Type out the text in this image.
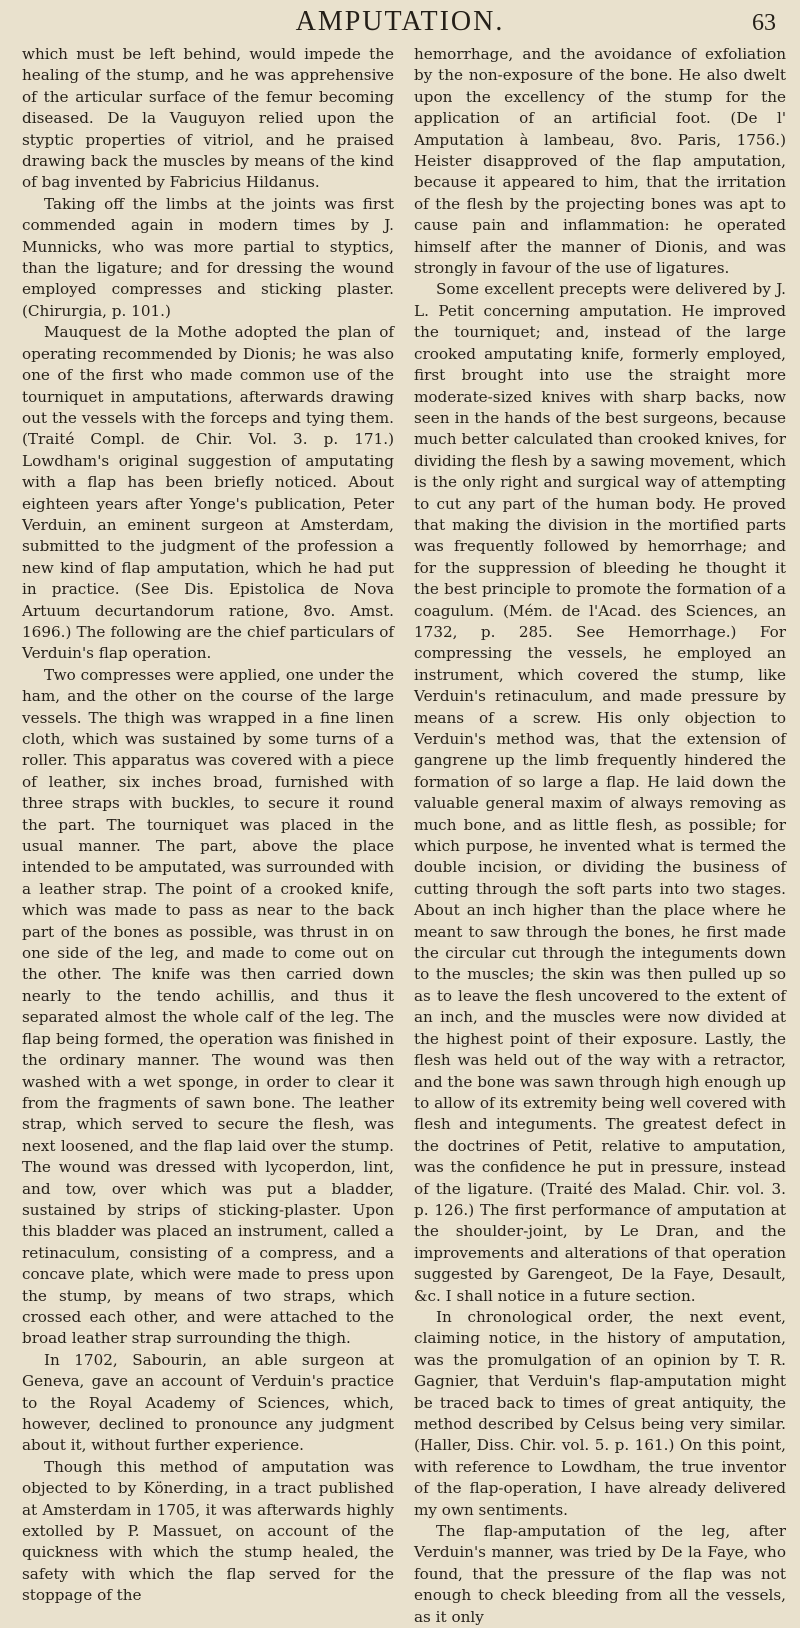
AMPUTATION.	63

which must be left behind, would impede the healing of the stump, and he was apprehensive of the articular surface of the femur becoming diseased. De la Vauguyon relied upon the styptic properties of vitriol, and he praised drawing back the muscles by means of the kind of bag invented by Fabricius Hildanus.

Taking off the limbs at the joints was first commended again in modern times by J. Munnicks, who was more partial to styptics, than the ligature; and for dressing the wound employed compresses and sticking plaster. (Chirurgia, p. 101.)

Mauquest de la Mothe adopted the plan of operating recommended by Dionis; he was also one of the first who made common use of the tourniquet in amputations, afterwards drawing out the vessels with the forceps and tying them. (Traité Compl. de Chir. Vol. 3. p. 171.) Lowdham's original suggestion of amputating with a flap has been briefly noticed. About eighteen years after Yonge's publication, Peter Verduin, an eminent surgeon at Amsterdam, submitted to the judgment of the profession a new kind of flap amputation, which he had put in practice. (See Dis. Epistolica de Nova Artuum decurtandorum ratione, 8vo. Amst. 1696.) The following are the chief particulars of Verduin's flap operation.

Two compresses were applied, one under the ham, and the other on the course of the large vessels. The thigh was wrapped in a fine linen cloth, which was sustained by some turns of a roller. This apparatus was covered with a piece of leather, six inches broad, furnished with three straps with buckles, to secure it round the part. The tourniquet was placed in the usual manner. The part, above the place intended to be amputated, was surrounded with a leather strap. The point of a crooked knife, which was made to pass as near to the back part of the bones as possible, was thrust in on one side of the leg, and made to come out on the other. The knife was then carried down nearly to the tendo achillis, and thus it separated almost the whole calf of the leg. The flap being formed, the operation was finished in the ordinary manner. The wound was then washed with a wet sponge, in order to clear it from the fragments of sawn bone. The leather strap, which served to secure the flesh, was next loosened, and the flap laid over the stump. The wound was dressed with lycoperdon, lint, and tow, over which was put a bladder, sustained by strips of sticking-plaster. Upon this bladder was placed an instrument, called a retinaculum, consisting of a compress, and a concave plate, which were made to press upon the stump, by means of two straps, which crossed each other, and were attached to the broad leather strap surrounding the thigh.

In 1702, Sabourin, an able surgeon at Geneva, gave an account of Verduin's practice to the Royal Academy of Sciences, which, however, declined to pronounce any judgment about it, without further experience.

Though this method of amputation was objected to by Könerding, in a tract published at Amsterdam in 1705, it was afterwards highly extolled by P. Massuet, on account of the quickness with which the stump healed, the safety with which the flap served for the stoppage of the

hemorrhage, and the avoidance of exfoliation by the non-exposure of the bone. He also dwelt upon the excellency of the stump for the application of an artificial foot. (De l' Amputation à lambeau, 8vo. Paris, 1756.) Heister disapproved of the flap amputation, because it appeared to him, that the irritation of the flesh by the projecting bones was apt to cause pain and inflammation: he operated himself after the manner of Dionis, and was strongly in favour of the use of ligatures.

Some excellent precepts were delivered by J. L. Petit concerning amputation. He improved the tourniquet; and, instead of the large crooked amputating knife, formerly employed, first brought into use the straight more moderate-sized knives with sharp backs, now seen in the hands of the best surgeons, because much better calculated than crooked knives, for dividing the flesh by a sawing movement, which is the only right and surgical way of attempting to cut any part of the human body. He proved that making the division in the mortified parts was frequently followed by hemorrhage; and for the suppression of bleeding he thought it the best principle to promote the formation of a coagulum. (Mém. de l'Acad. des Sciences, an 1732, p. 285. See Hemorrhage.) For compressing the vessels, he employed an instrument, which covered the stump, like Verduin's retinaculum, and made pressure by means of a screw. His only objection to Verduin's method was, that the extension of gangrene up the limb frequently hindered the formation of so large a flap. He laid down the valuable general maxim of always removing as much bone, and as little flesh, as possible; for which purpose, he invented what is termed the double incision, or dividing the business of cutting through the soft parts into two stages. About an inch higher than the place where he meant to saw through the bones, he first made the circular cut through the integuments down to the muscles; the skin was then pulled up so as to leave the flesh uncovered to the extent of an inch, and the muscles were now divided at the highest point of their exposure. Lastly, the flesh was held out of the way with a retractor, and the bone was sawn through high enough up to allow of its extremity being well covered with flesh and integuments. The greatest defect in the doctrines of Petit, relative to amputation, was the confidence he put in pressure, instead of the ligature. (Traité des Malad. Chir. vol. 3. p. 126.) The first performance of amputation at the shoulder-joint, by Le Dran, and the improvements and alterations of that operation suggested by Garengeot, De la Faye, Desault, &c. I shall notice in a future section.

In chronological order, the next event, claiming notice, in the history of amputation, was the promulgation of an opinion by T. R. Gagnier, that Verduin's flap-amputation might be traced back to times of great antiquity, the method described by Celsus being very similar. (Haller, Diss. Chir. vol. 5. p. 161.) On this point, with reference to Lowdham, the true inventor of the flap-operation, I have already delivered my own sentiments.

The flap-amputation of the leg, after Verduin's manner, was tried by De la Faye, who found, that the pressure of the flap was not enough to check bleeding from all the vessels, as it only
